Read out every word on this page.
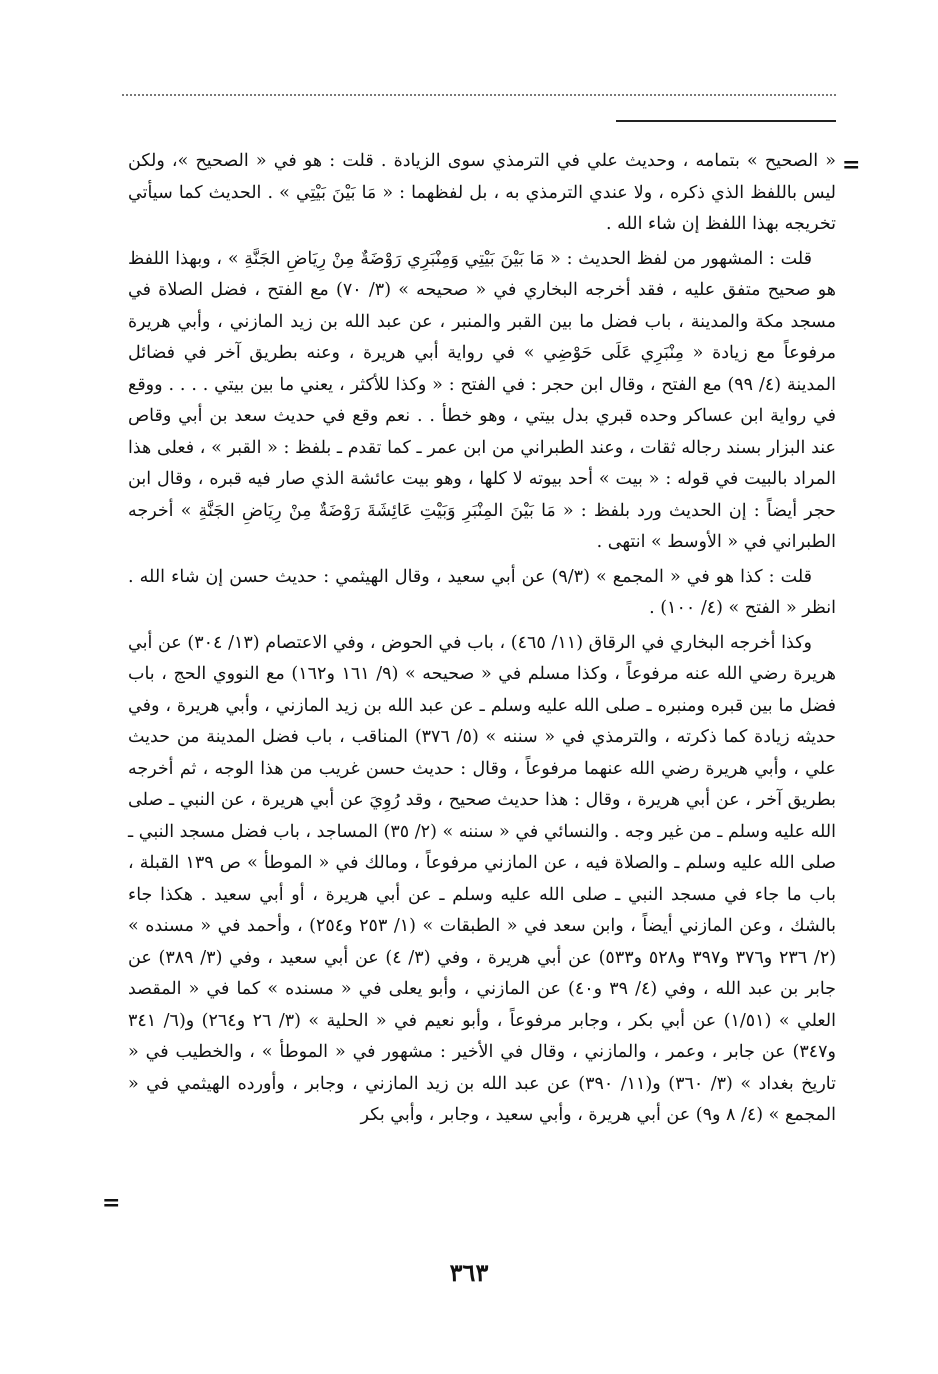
=

« الصحيح » بتمامه ، وحديث علي في الترمذي سوى الزيادة . قلت : هو في « الصحيح »، ولكن ليس باللفظ الذي ذكره ، ولا عندي الترمذي به ، بل لفظهما : « مَا بَيْنَ بَيْتِي » . الحديث كما سيأتي تخريجه بهذا اللفظ إن شاء الله .

قلت : المشهور من لفظ الحديث : « مَا بَيْنَ بَيْتِي وَمِنْبَرِي رَوْضَةٌ مِنْ رِيَاضِ الجَنَّةِ » ، وبهذا اللفظ هو صحيح متفق عليه ، فقد أخرجه البخاري في « صحيحه » (٣/ ٧٠) مع الفتح ، فضل الصلاة في مسجد مكة والمدينة ، باب فضل ما بين القبر والمنبر ، عن عبد الله بن زيد المازني ، وأبي هريرة مرفوعاً مع زيادة « مِنْبَرِي عَلَى حَوْضِي » في رواية أبي هريرة ، وعنه بطريق آخر في فضائل المدينة (٤/ ٩٩) مع الفتح ، وقال ابن حجر : في الفتح : « وكذا للأكثر ، يعني ما بين بيتي . . . . ووقع في رواية ابن عساكر وحده قبري بدل بيتي ، وهو خطأ . . نعم وقع في حديث سعد بن أبي وقاص عند البزار بسند رجاله ثقات ، وعند الطبراني من ابن عمر ـ كما تقدم ـ بلفظ : « القبر » ، فعلى هذا المراد بالبيت في قوله : « بيت » أحد بيوته لا كلها ، وهو بيت عائشة الذي صار فيه قبره ، وقال ابن حجر أيضاً : إن الحديث ورد بلفظ : « مَا بَيْنَ المِنْبَرِ وَبَيْتِ عَائِشَةَ رَوْضَةٌ مِنْ رِيَاضِ الجَنَّةِ » أخرجه الطبراني في « الأوسط » انتهى .

قلت : كذا هو في « المجمع » (٩/٣) عن أبي سعيد ، وقال الهيثمي : حديث حسن إن شاء الله . انظر « الفتح » (٤/ ١٠٠) .

وكذا أخرجه البخاري في الرقاق (١١/ ٤٦٥) ، باب في الحوض ، وفي الاعتصام (١٣/ ٣٠٤) عن أبي هريرة رضي الله عنه مرفوعاً ، وكذا مسلم في « صحيحه » (٩/ ١٦١ و١٦٢) مع النووي الحج ، باب فضل ما بين قبره ومنبره ـ صلى الله عليه وسلم ـ عن عبد الله بن زيد المازني ، وأبي هريرة ، وفي حديثه زيادة كما ذكرته ، والترمذي في « سننه » (٥/ ٣٧٦) المناقب ، باب فضل المدينة من حديث علي ، وأبي هريرة رضي الله عنهما مرفوعاً ، وقال : حديث حسن غريب من هذا الوجه ، ثم أخرجه بطريق آخر ، عن أبي هريرة ، وقال : هذا حديث صحيح ، وقد رُوِيَ عن أبي هريرة ، عن النبي ـ صلى الله عليه وسلم ـ من غير وجه . والنسائي في « سننه » (٢/ ٣٥) المساجد ، باب فضل مسجد النبي ـ صلى الله عليه وسلم ـ والصلاة فيه ، عن المازني مرفوعاً ، ومالك في « الموطأ » ص ١٣٩ القبلة ، باب ما جاء في مسجد النبي ـ صلى الله عليه وسلم ـ عن أبي هريرة ، أو أبي سعيد . هكذا جاء بالشك ، وعن المازني أيضاً ، وابن سعد في « الطبقات » (١/ ٢٥٣ و٢٥٤) ، وأحمد في « مسنده » (٢/ ٢٣٦ و٣٧٦ و٣٩٧ و٥٢٨ و٥٣٣) عن أبي هريرة ، وفي (٣/ ٤) عن أبي سعيد ، وفي (٣/ ٣٨٩) عن جابر بن عبد الله ، وفي (٤/ ٣٩ و٤٠) عن المازني ، وأبو يعلى في « مسنده » كما في « المقصد العلي » (١/٥١) عن أبي بكر ، وجابر مرفوعاً ، وأبو نعيم في « الحلية » (٣/ ٢٦ و٢٦٤) و(٦/ ٣٤١ و٣٤٧) عن جابر ، وعمر ، والمازني ، وقال في الأخير : مشهور في « الموطأ » ، والخطيب في « تاريخ بغداد » (٣/ ٣٦٠) و(١١/ ٣٩٠) عن عبد الله بن زيد المازني ، وجابر ، وأورده الهيثمي في « المجمع » (٤/ ٨ و٩) عن أبي هريرة ، وأبي سعيد ، وجابر ، وأبي بكر

=
٣٦٣
